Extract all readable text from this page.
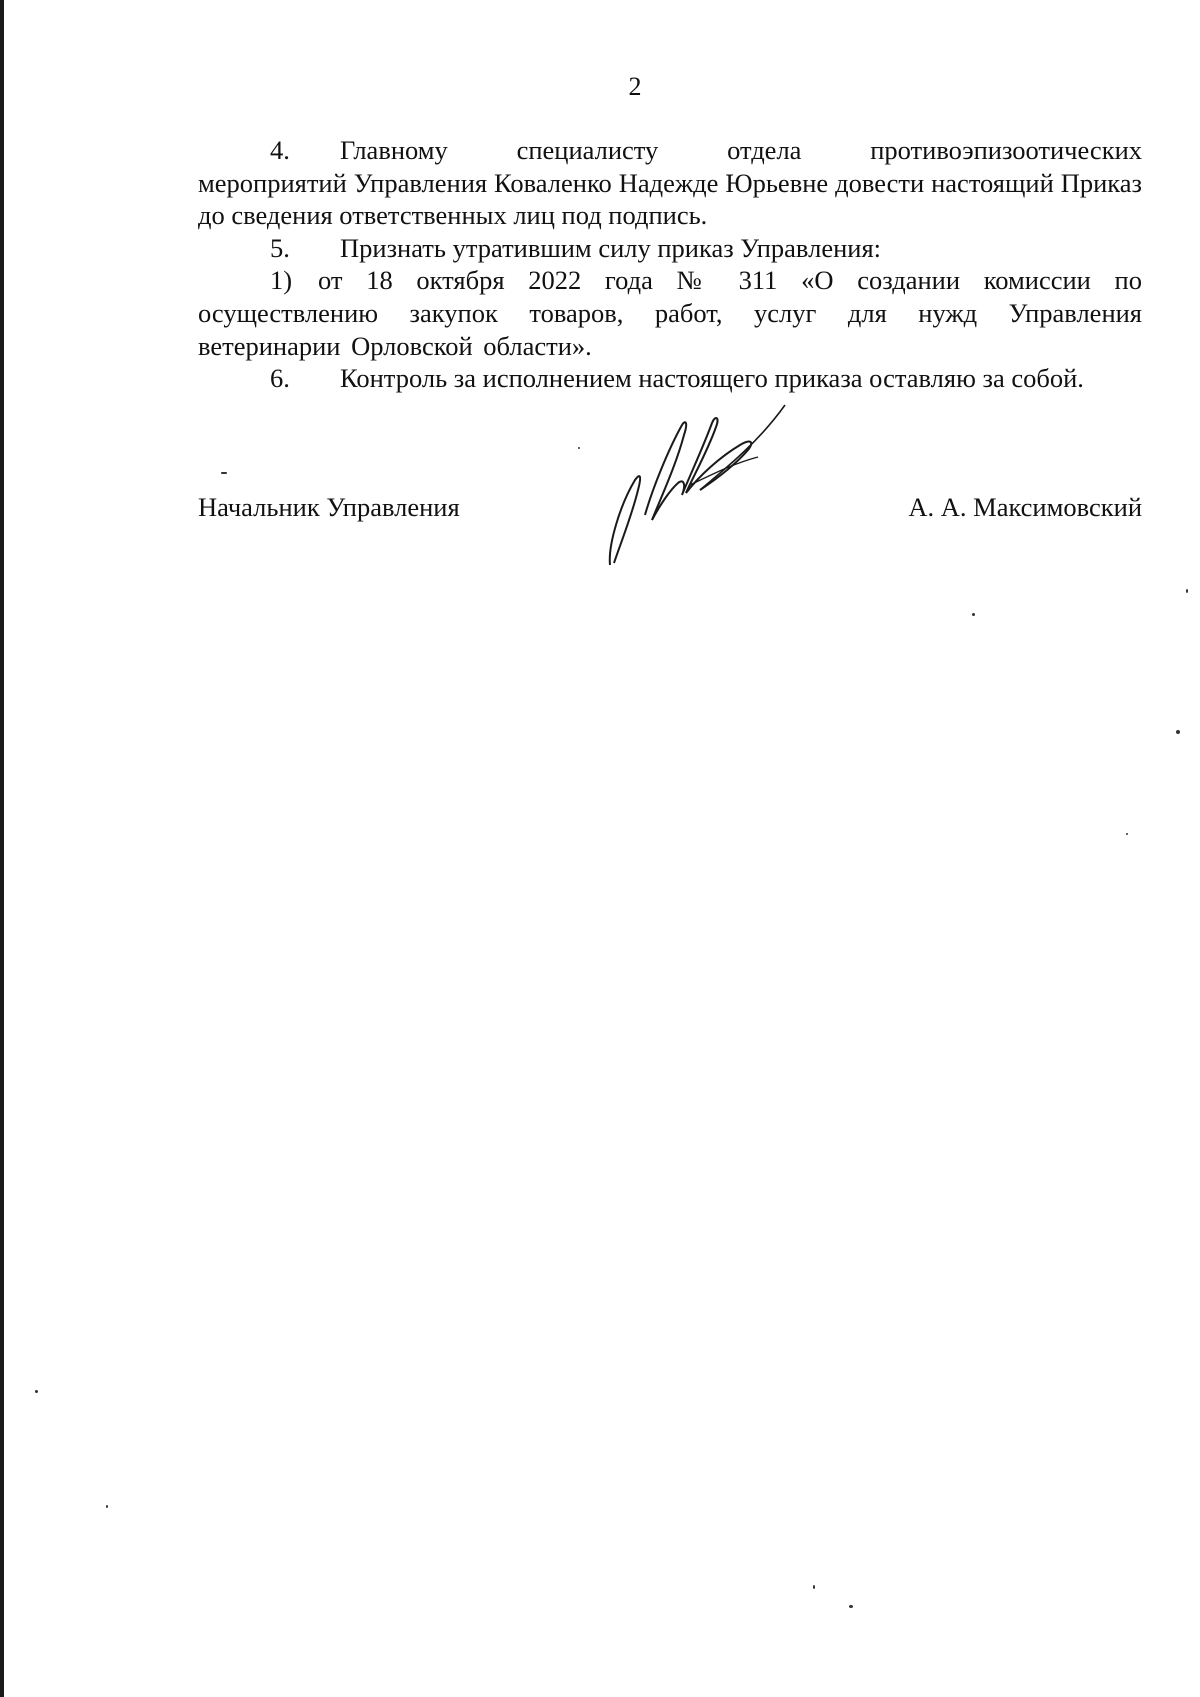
2

4. Главному	специалисту	отдела	противоэпизоотических
мероприятий Управления Коваленко Надежде Юрьевне довести настоящий Приказ до сведения ответственных лиц под подпись.

5. Признать утратившим силу приказ Управления:

1) от 18 октября 2022 года № 311 «О создании комиссии по осуществлению закупок товаров, работ, услуг для нужд Управления ветеринарии Орловской области».

6. Контроль за исполнением настоящего приказа оставляю за собой.

Начальник Управления	А. А. Максимовский
